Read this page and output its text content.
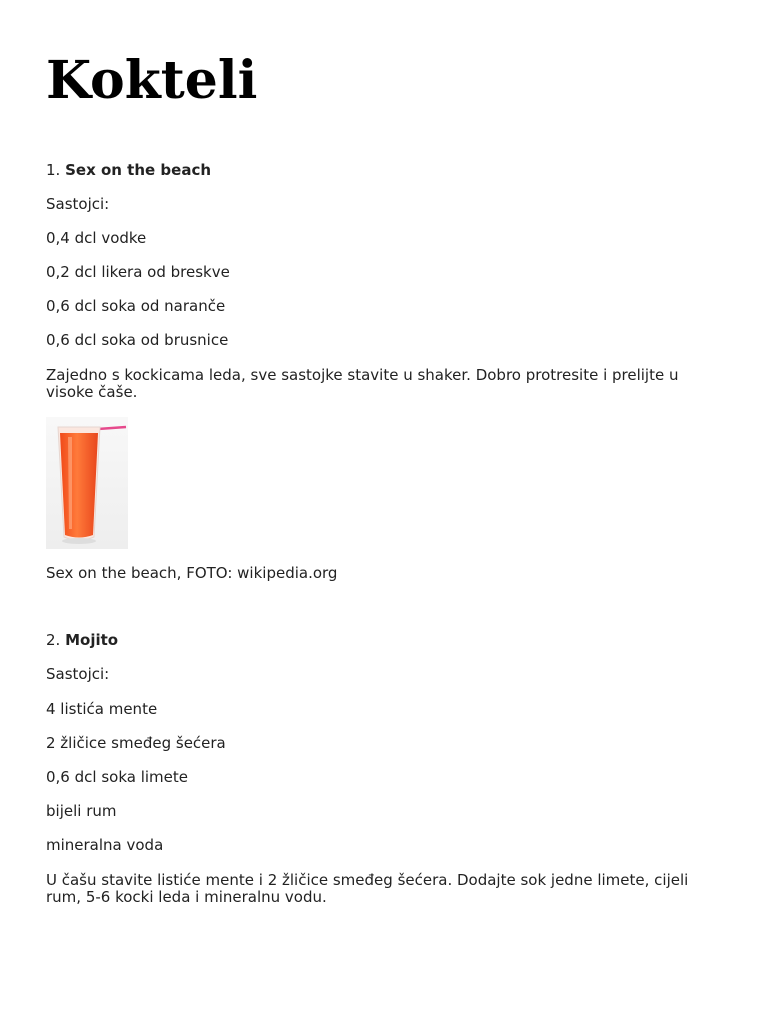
Kokteli

1. Sex on the beach

Sastojci:

0,4 dcl vodke

0,2 dcl likera od breskve

0,6 dcl soka od naranče

0,6 dcl soka od brusnice

Zajedno s kockicama leda, sve sastojke stavite u shaker. Dobro protresite i prelijte u visoke čaše.

Sex on the beach, FOTO: wikipedia.org

2. Mojito

Sastojci:

4 listića mente

2 žličice smeđeg šećera

0,6 dcl soka limete

bijeli rum

mineralna voda

U čašu stavite listiće mente i 2 žličice smeđeg šećera. Dodajte sok jedne limete, cijeli rum, 5-6 kocki leda i mineralnu vodu.
